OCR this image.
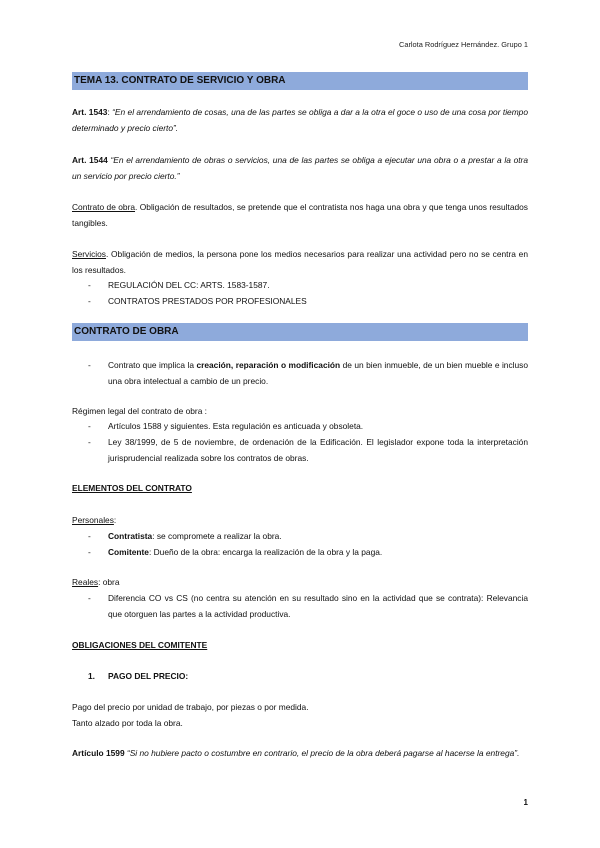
Carlota Rodríguez Hernández. Grupo 1
TEMA 13. CONTRATO DE SERVICIO Y OBRA

Art. 1543: “En el arrendamiento de cosas, una de las partes se obliga a dar a la otra el goce o uso de una cosa por tiempo determinado y precio cierto”.

Art. 1544 “En el arrendamiento de obras o servicios, una de las partes se obliga a ejecutar una obra o a prestar a la otra un servicio por precio cierto.”

Contrato de obra. Obligación de resultados, se pretende que el contratista nos haga una obra y que tenga unos resultados tangibles.

Servicios. Obligación de medios, la persona pone los medios necesarios para realizar una actividad pero no se centra en los resultados.

- REGULACIÓN DEL CC: ARTS. 1583-1587.
- CONTRATOS PRESTADOS POR PROFESIONALES
CONTRATO DE OBRA
- Contrato que implica la creación, reparación o modificación de un bien inmueble, de un bien mueble e incluso una obra intelectual a cambio de un precio.

Régimen legal del contrato de obra :

- Artículos 1588 y siguientes. Esta regulación es anticuada y obsoleta.
- Ley 38/1999, de 5 de noviembre, de ordenación de la Edificación. El legislador expone toda la interpretación jurisprudencial realizada sobre los contratos de obras.
ELEMENTOS DEL CONTRATO

Personales:

- Contratista: se compromete a realizar la obra.
- Comitente: Dueño de la obra: encarga la realización de la obra y la paga.

Reales: obra

- Diferencia CO vs CS (no centra su atención en su resultado sino en la actividad que se contrata): Relevancia que otorguen las partes a la actividad productiva.
OBLIGACIONES DEL COMITENTE
1. PAGO DEL PRECIO:

Pago del precio por unidad de trabajo, por piezas o por medida.

Tanto alzado por toda la obra.

Artículo 1599 “Si no hubiere pacto o costumbre en contrario, el precio de la obra deberá pagarse al hacerse la entrega”.

1
